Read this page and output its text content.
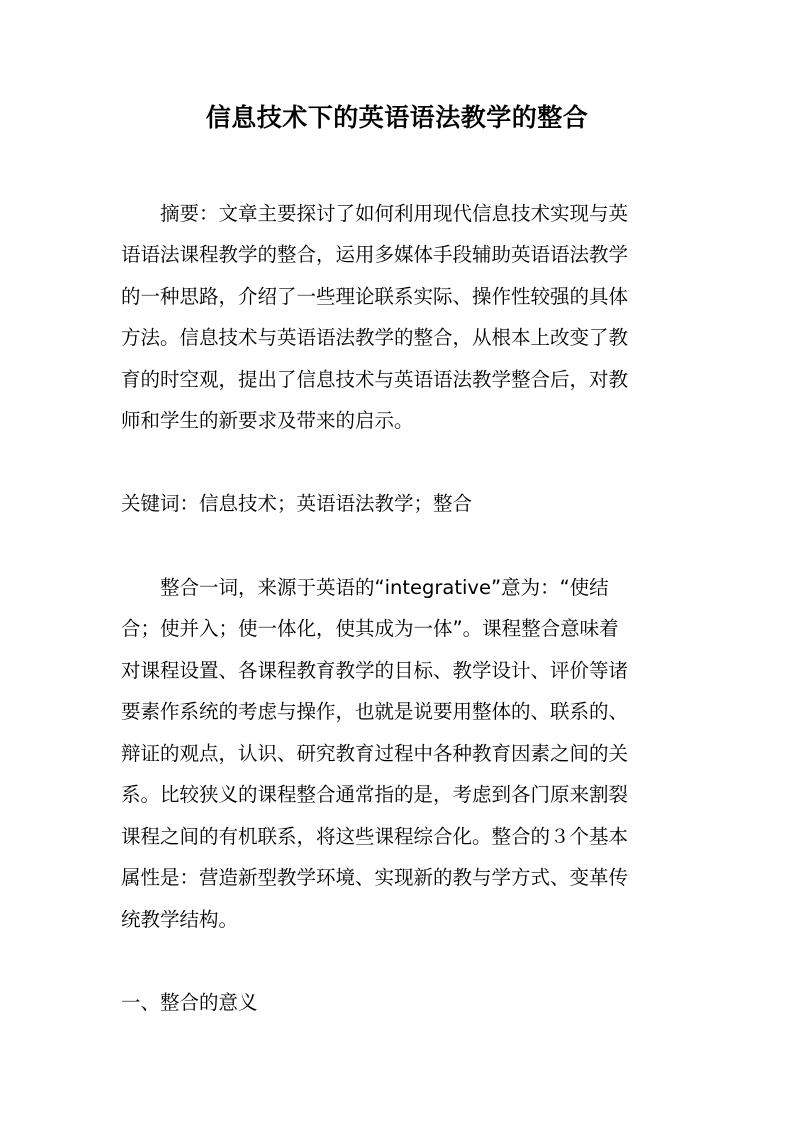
信息技术下的英语语法教学的整合
　　摘要：文章主要探讨了如何利用现代信息技术实现与英
语语法课程教学的整合，运用多媒体手段辅助英语语法教学
的一种思路，介绍了一些理论联系实际、操作性较强的具体
方法。信息技术与英语语法教学的整合，从根本上改变了教
育的时空观，提出了信息技术与英语语法教学整合后，对教
师和学生的新要求及带来的启示。
关键词：信息技术；英语语法教学；整合
　　整合一词，来源于英语的“integrative”意为：“使结
合；使并入；使一体化，使其成为一体”。课程整合意味着
对课程设置、各课程教育教学的目标、教学设计、评价等诸
要素作系统的考虑与操作，也就是说要用整体的、联系的、
辩证的观点，认识、研究教育过程中各种教育因素之间的关
系。比较狭义的课程整合通常指的是，考虑到各门原来割裂
课程之间的有机联系，将这些课程综合化。整合的３个基本
属性是：营造新型教学环境、实现新的教与学方式、变革传
统教学结构。
一、整合的意义
